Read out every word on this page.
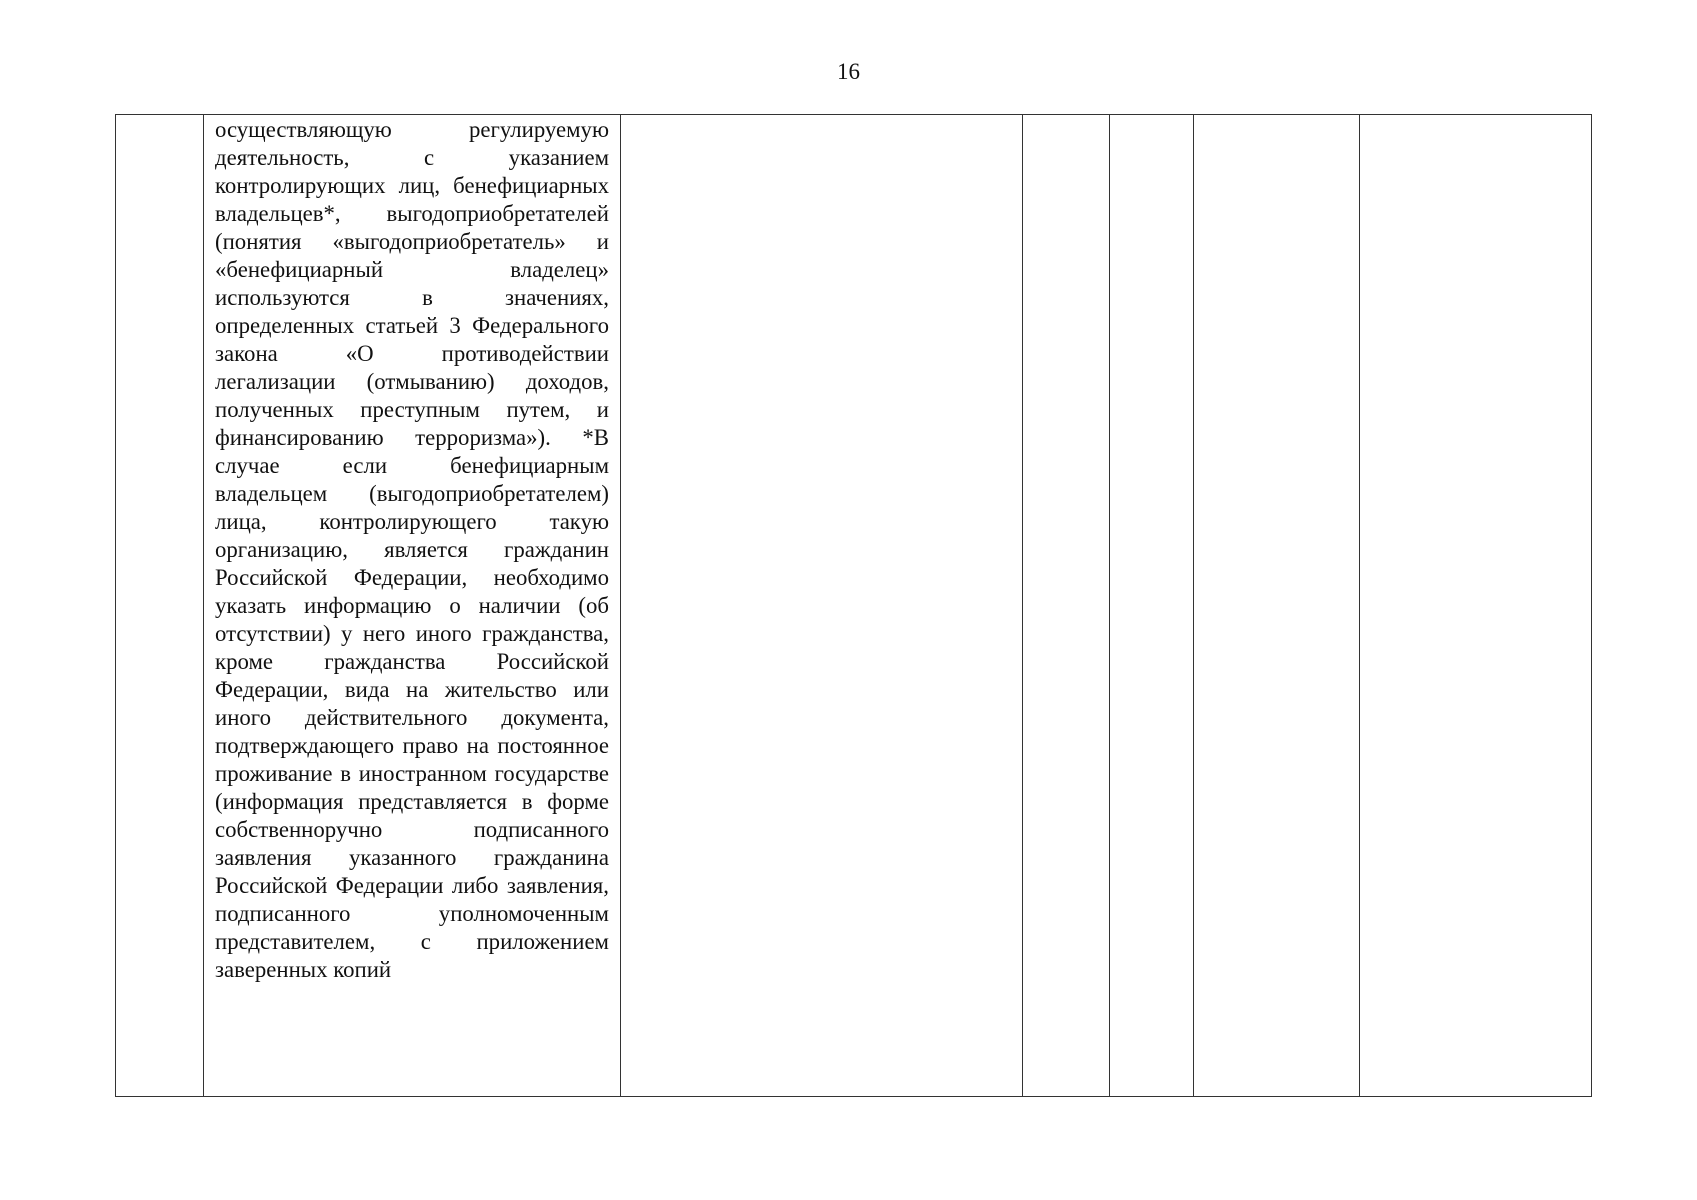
16

осуществляющую регулируемую деятельность, с указанием контролирующих лиц, бенефициарных владельцев*, выгодоприобретателей (понятия «выгодоприобретатель» и «бенефициарный владелец» используются в значениях, определенных статьей 3 Федерального закона «О противодействии легализации (отмыванию) доходов, полученных преступным путем, и финансированию терроризма»). *В случае если бенефициарным владельцем (выгодоприобретателем) лица, контролирующего такую организацию, является гражданин Российской Федерации, необходимо указать информацию о наличии (об отсутствии) у него иного гражданства, кроме гражданства Российской Федерации, вида на жительство или иного действительного документа, подтверждающего право на постоянное проживание в иностранном государстве (информация представляется в форме собственноручно подписанного заявления указанного гражданина Российской Федерации либо заявления, подписанного уполномоченным представителем, с приложением заверенных копий
